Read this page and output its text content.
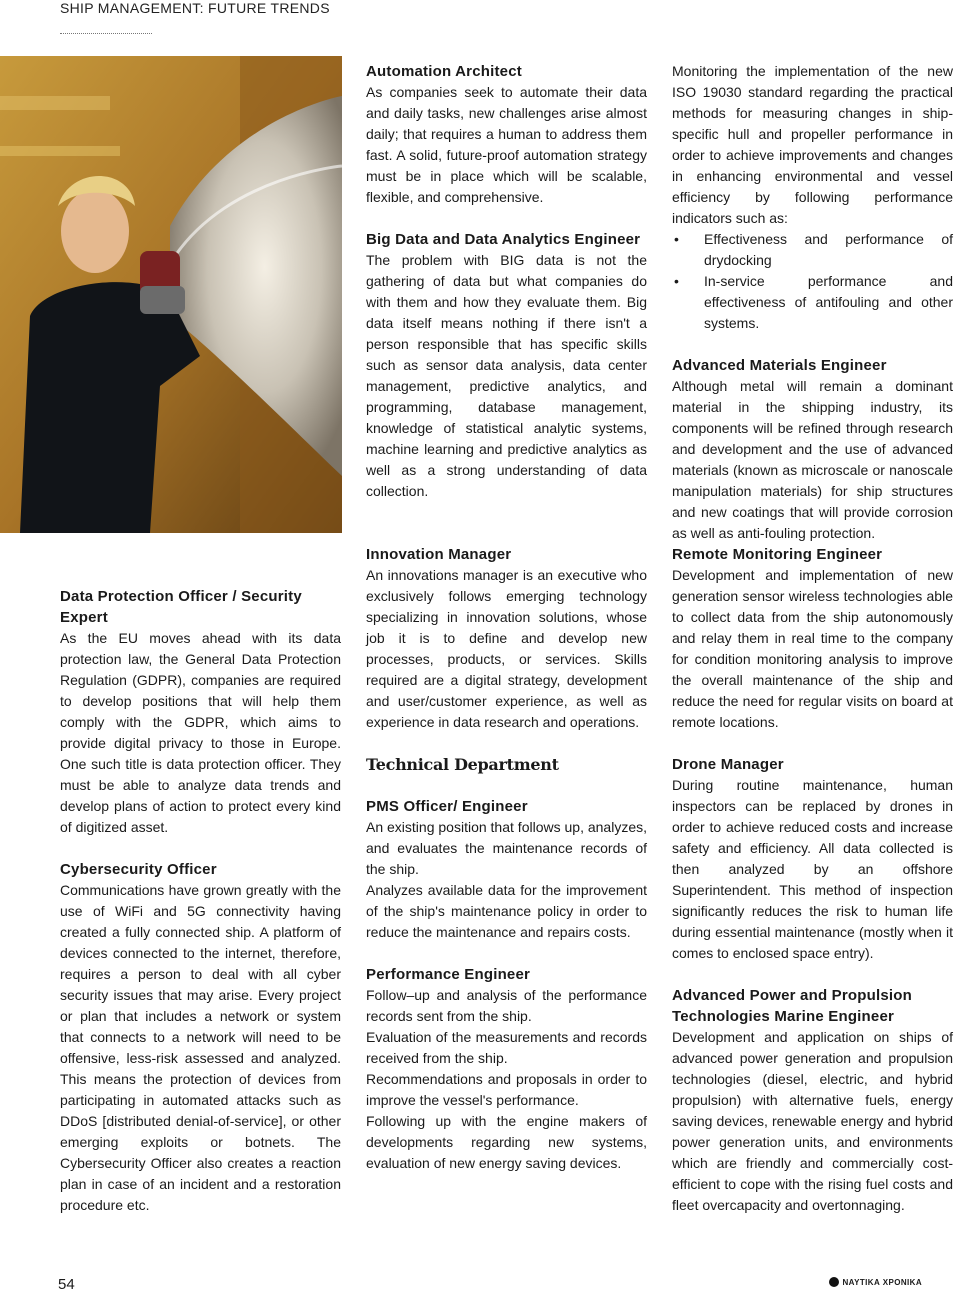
SHIP MANAGEMENT: FUTURE TRENDS
Data Protection Officer / Security Expert

As the EU moves ahead with its data protection law, the General Data Protection Regulation (GDPR), companies are required to develop positions that will help them comply with the GDPR, which aims to provide digital privacy to those in Europe. One such title is data protection officer. They must be able to analyze data trends and develop plans of action to protect every kind of digitized asset.

Cybersecurity Officer

Communications have grown greatly with the use of WiFi and 5G connectivity having created a fully connected ship. A platform of devices connected to the internet, therefore, requires a person to deal with all cyber security issues that may arise. Every project or plan that includes a network or system that connects to a network will need to be offensive, less-risk assessed and analyzed. This means the protection of devices from participating in automated attacks such as DDoS [distributed denial-of-service], or other emerging exploits or botnets. The Cybersecurity Officer also creates a reaction plan in case of an incident and a restoration procedure etc.

Automation Architect

As companies seek to automate their data and daily tasks, new challenges arise almost daily; that requires a human to address them fast. A solid, future-proof automation strategy must be in place which will be scalable, flexible, and comprehensive.

Big Data and Data Analytics Engineer

The problem with BIG data is not the gathering of data but what companies do with them and how they evaluate them. Big data itself means nothing if there isn't a person responsible that has specific skills such as sensor data analysis, data center management, predictive analytics, and programming, database management, knowledge of statistical analytic systems, machine learning and predictive analytics as well as a strong understanding of data collection.

Innovation Manager

An innovations manager is an executive who exclusively follows emerging technology specializing in innovation solutions, whose job it is to define and develop new processes, products, or services. Skills required are a digital strategy, development and user/customer experience, as well as experience in data research and operations.

Technical Department
PMS Officer/ Engineer

An existing position that follows up, analyzes, and evaluates the maintenance records of the ship.

Analyzes available data for the improvement of the ship's maintenance policy in order to reduce the maintenance and repairs costs.

Performance Engineer

Follow–up and analysis of the performance records sent from the ship.

Evaluation of the measurements and records received from the ship.

Recommendations and proposals in order to improve the vessel's performance.

Following up with the engine makers of developments regarding new systems, evaluation of new energy saving devices.

Monitoring the implementation of the new ISO 19030 standard regarding the practical methods for measuring changes in ship-specific hull and propeller performance in order to achieve improvements and changes in enhancing environmental and vessel efficiency by following performance indicators such as:

• Effectiveness and performance of drydocking
• In-service performance and effectiveness of antifouling and other systems.
Advanced Materials Engineer

Although metal will remain a dominant material in the shipping industry, its components will be refined through research and development and the use of advanced materials (known as microscale or nanoscale manipulation materials) for ship structures and new coatings that will provide corrosion as well as anti-fouling protection.

Remote Monitoring Engineer

Development and implementation of new generation sensor wireless technologies able to collect data from the ship autonomously and relay them in real time to the company for condition monitoring analysis to improve the overall maintenance of the ship and reduce the need for regular visits on board at remote locations.

Drone Manager

During routine maintenance, human inspectors can be replaced by drones in order to achieve reduced costs and increase safety and efficiency. All data collected is then analyzed by an offshore Superintendent. This method of inspection significantly reduces the risk to human life during essential maintenance (mostly when it comes to enclosed space entry).

Advanced Power and Propulsion Technologies Marine Engineer

Development and application on ships of advanced power generation and propulsion technologies (diesel, electric, and hybrid propulsion) with alternative fuels, energy saving devices, renewable energy and hybrid power generation units, and environments which are friendly and commercially cost-efficient to cope with the rising fuel costs and fleet overcapacity and overtonnaging.

54	ΝΑΥΤΙΚΑ ΧΡΟΝΙΚΑ
